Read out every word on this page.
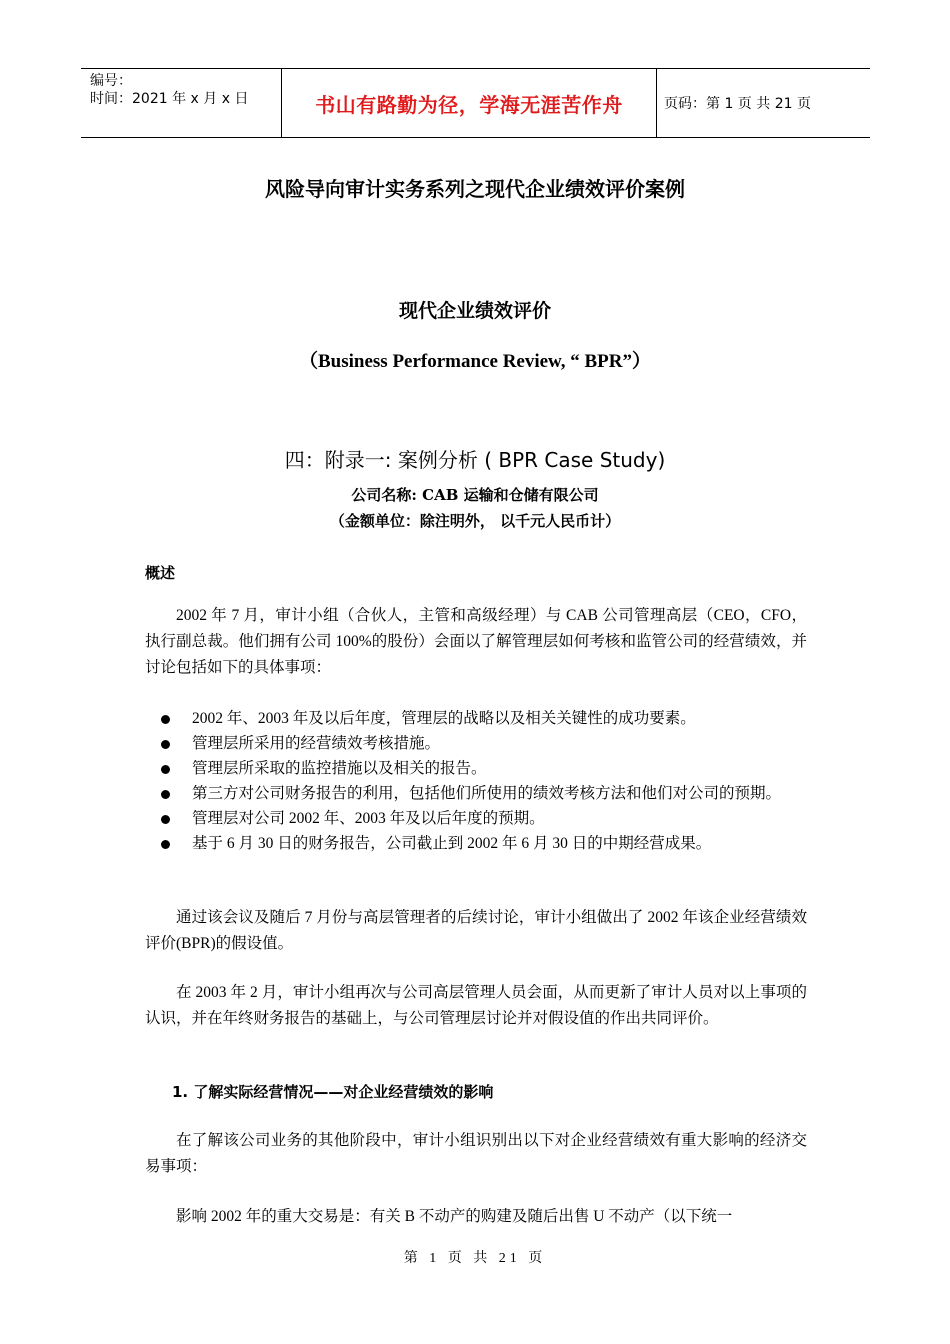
编号：
时间：2021 年 x 月 x 日	书山有路勤为径，学海无涯苦作舟	页码：第 1 页 共 21 页
风险导向审计实务系列之现代企业绩效评价案例
现代企业绩效评价
（Business Performance Review, “ BPR”）
四：附录一: 案例分析 ( BPR Case Study)
公司名称: CAB 运输和仓储有限公司
（金额单位：除注明外， 以千元人民币计）
概述
2002 年 7 月，审计小组（合伙人，主管和高级经理）与 CAB 公司管理高层（CEO，CFO，执行副总裁。他们拥有公司 100%的股份）会面以了解管理层如何考核和监管公司的经营绩效，并讨论包括如下的具体事项：
2002 年、2003 年及以后年度，管理层的战略以及相关关键性的成功要素。
管理层所采用的经营绩效考核措施。
管理层所采取的监控措施以及相关的报告。
第三方对公司财务报告的利用，包括他们所使用的绩效考核方法和他们对公司的预期。
管理层对公司 2002 年、2003 年及以后年度的预期。
基于 6 月 30 日的财务报告，公司截止到 2002 年 6 月 30 日的中期经营成果。
通过该会议及随后 7 月份与高层管理者的后续讨论，审计小组做出了 2002 年该企业经营绩效评价(BPR)的假设值。
在 2003 年 2 月，审计小组再次与公司高层管理人员会面，从而更新了审计人员对以上事项的认识，并在年终财务报告的基础上，与公司管理层讨论并对假设值的作出共同评价。
1. 了解实际经营情况——对企业经营绩效的影响
在了解该公司业务的其他阶段中，审计小组识别出以下对企业经营绩效有重大影响的经济交易事项：
影响 2002 年的重大交易是：有关 B 不动产的购建及随后出售 U 不动产（以下统一
第 1 页 共 21 页
